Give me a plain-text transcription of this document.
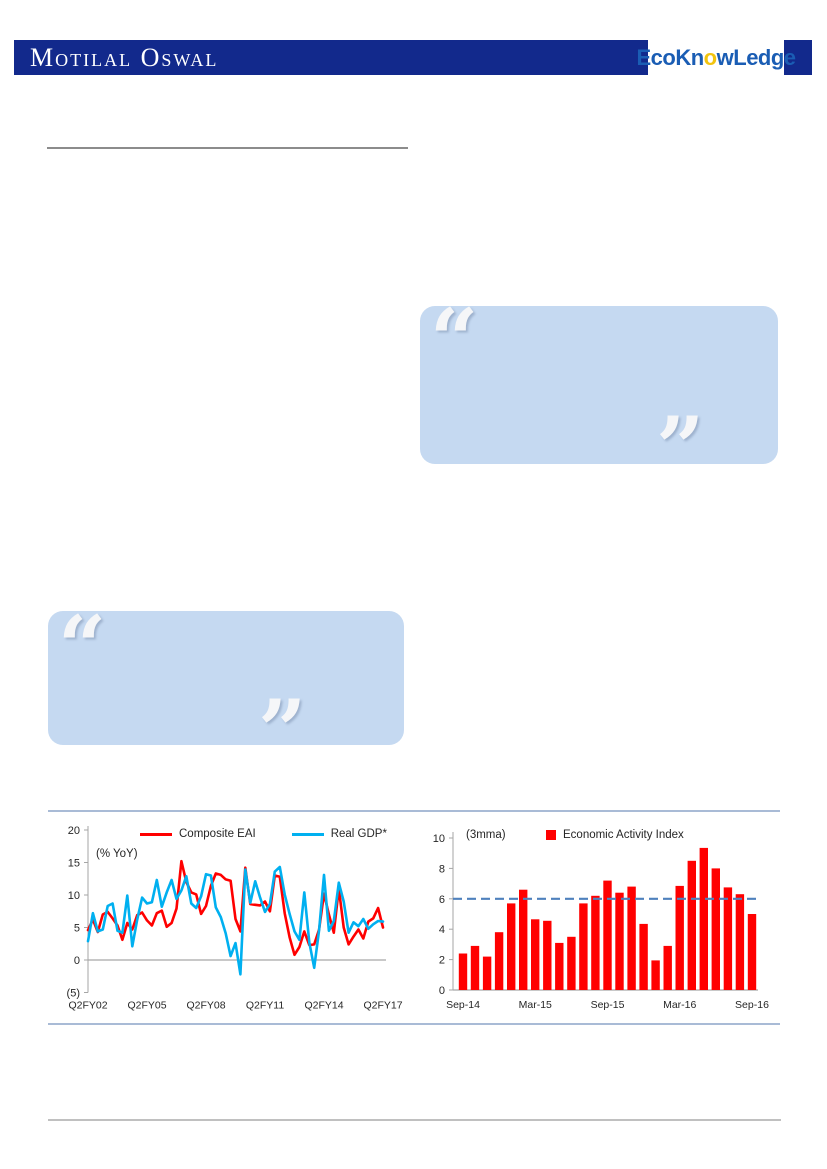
Motilal Oswal	EcoKnowLedge
“
”
“
”
Composite EAI	Real GDP*
(% YoY)
20
15
10
5
0
(5)
Q2FY02 Q2FY05 Q2FY08 Q2FY11 Q2FY14 Q2FY17
(3mma)	Economic Activity Index
10
8
6
4
2
0
Sep-14	Mar-15	Sep-15	Mar-16	Sep-16
